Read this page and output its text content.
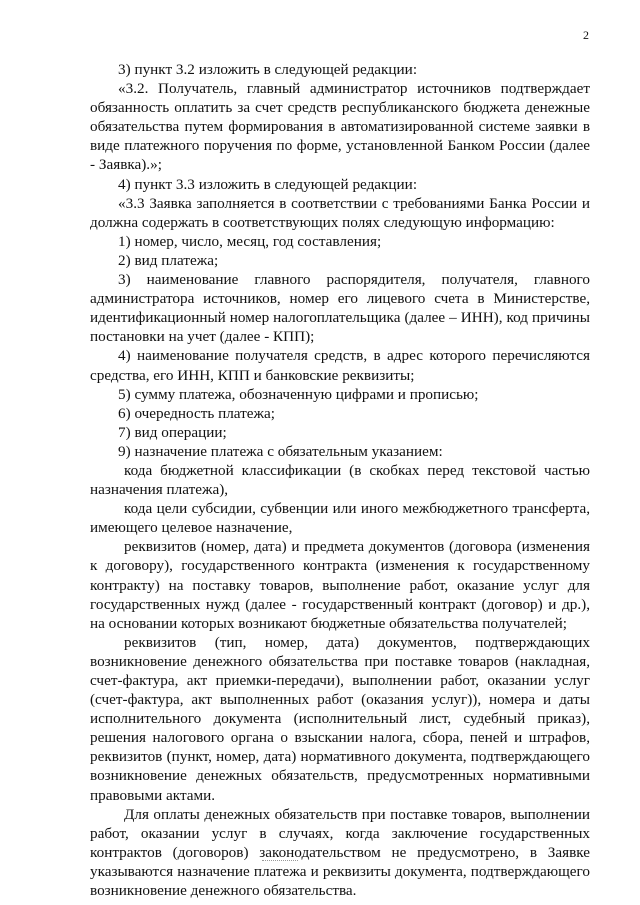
2

3) пункт 3.2 изложить в следующей редакции:

«3.2. Получатель, главный администратор источников подтверждает обязанность оплатить за счет средств республиканского бюджета денежные обязательства путем формирования в автоматизированной системе заявки в виде платежного поручения по форме, установленной Банком России (далее - Заявка).»;

4) пункт 3.3 изложить в следующей редакции:

«3.3 Заявка заполняется в соответствии с требованиями Банка России и должна содержать в соответствующих полях следующую информацию:

1) номер, число, месяц, год составления;

2) вид платежа;

3) наименование главного распорядителя, получателя, главного администратора источников, номер его лицевого счета в Министерстве, идентификационный номер налогоплательщика (далее – ИНН), код причины постановки на учет (далее - КПП);

4) наименование получателя средств, в адрес которого перечисляются средства, его ИНН, КПП и банковские реквизиты;

5) сумму платежа, обозначенную цифрами и прописью;

6) очередность платежа;

7) вид операции;

9) назначение платежа с обязательным указанием:

кода бюджетной классификации (в скобках перед текстовой частью назначения платежа),

кода цели субсидии, субвенции или иного межбюджетного трансферта, имеющего целевое назначение,

реквизитов (номер, дата) и предмета документов (договора (изменения к договору), государственного контракта (изменения к государственному контракту) на поставку товаров, выполнение работ, оказание услуг для государственных нужд (далее - государственный контракт (договор) и др.), на основании которых возникают бюджетные обязательства получателей;

реквизитов (тип, номер, дата) документов, подтверждающих возникновение денежного обязательства при поставке товаров (накладная, счет-фактура, акт приемки-передачи), выполнении работ, оказании услуг (счет-фактура, акт выполненных работ (оказания услуг)), номера и даты исполнительного документа (исполнительный лист, судебный приказ), решения налогового органа о взыскании налога, сбора, пеней и штрафов, реквизитов (пункт, номер, дата) нормативного документа, подтверждающего возникновение денежных обязательств, предусмотренных нормативными правовыми актами.

Для оплаты денежных обязательств при поставке товаров, выполнении работ, оказании услуг в случаях, когда заключение государственных контрактов (договоров) законодательством не предусмотрено, в Заявке указываются назначение платежа и реквизиты документа, подтверждающего возникновение денежного обязательства.
